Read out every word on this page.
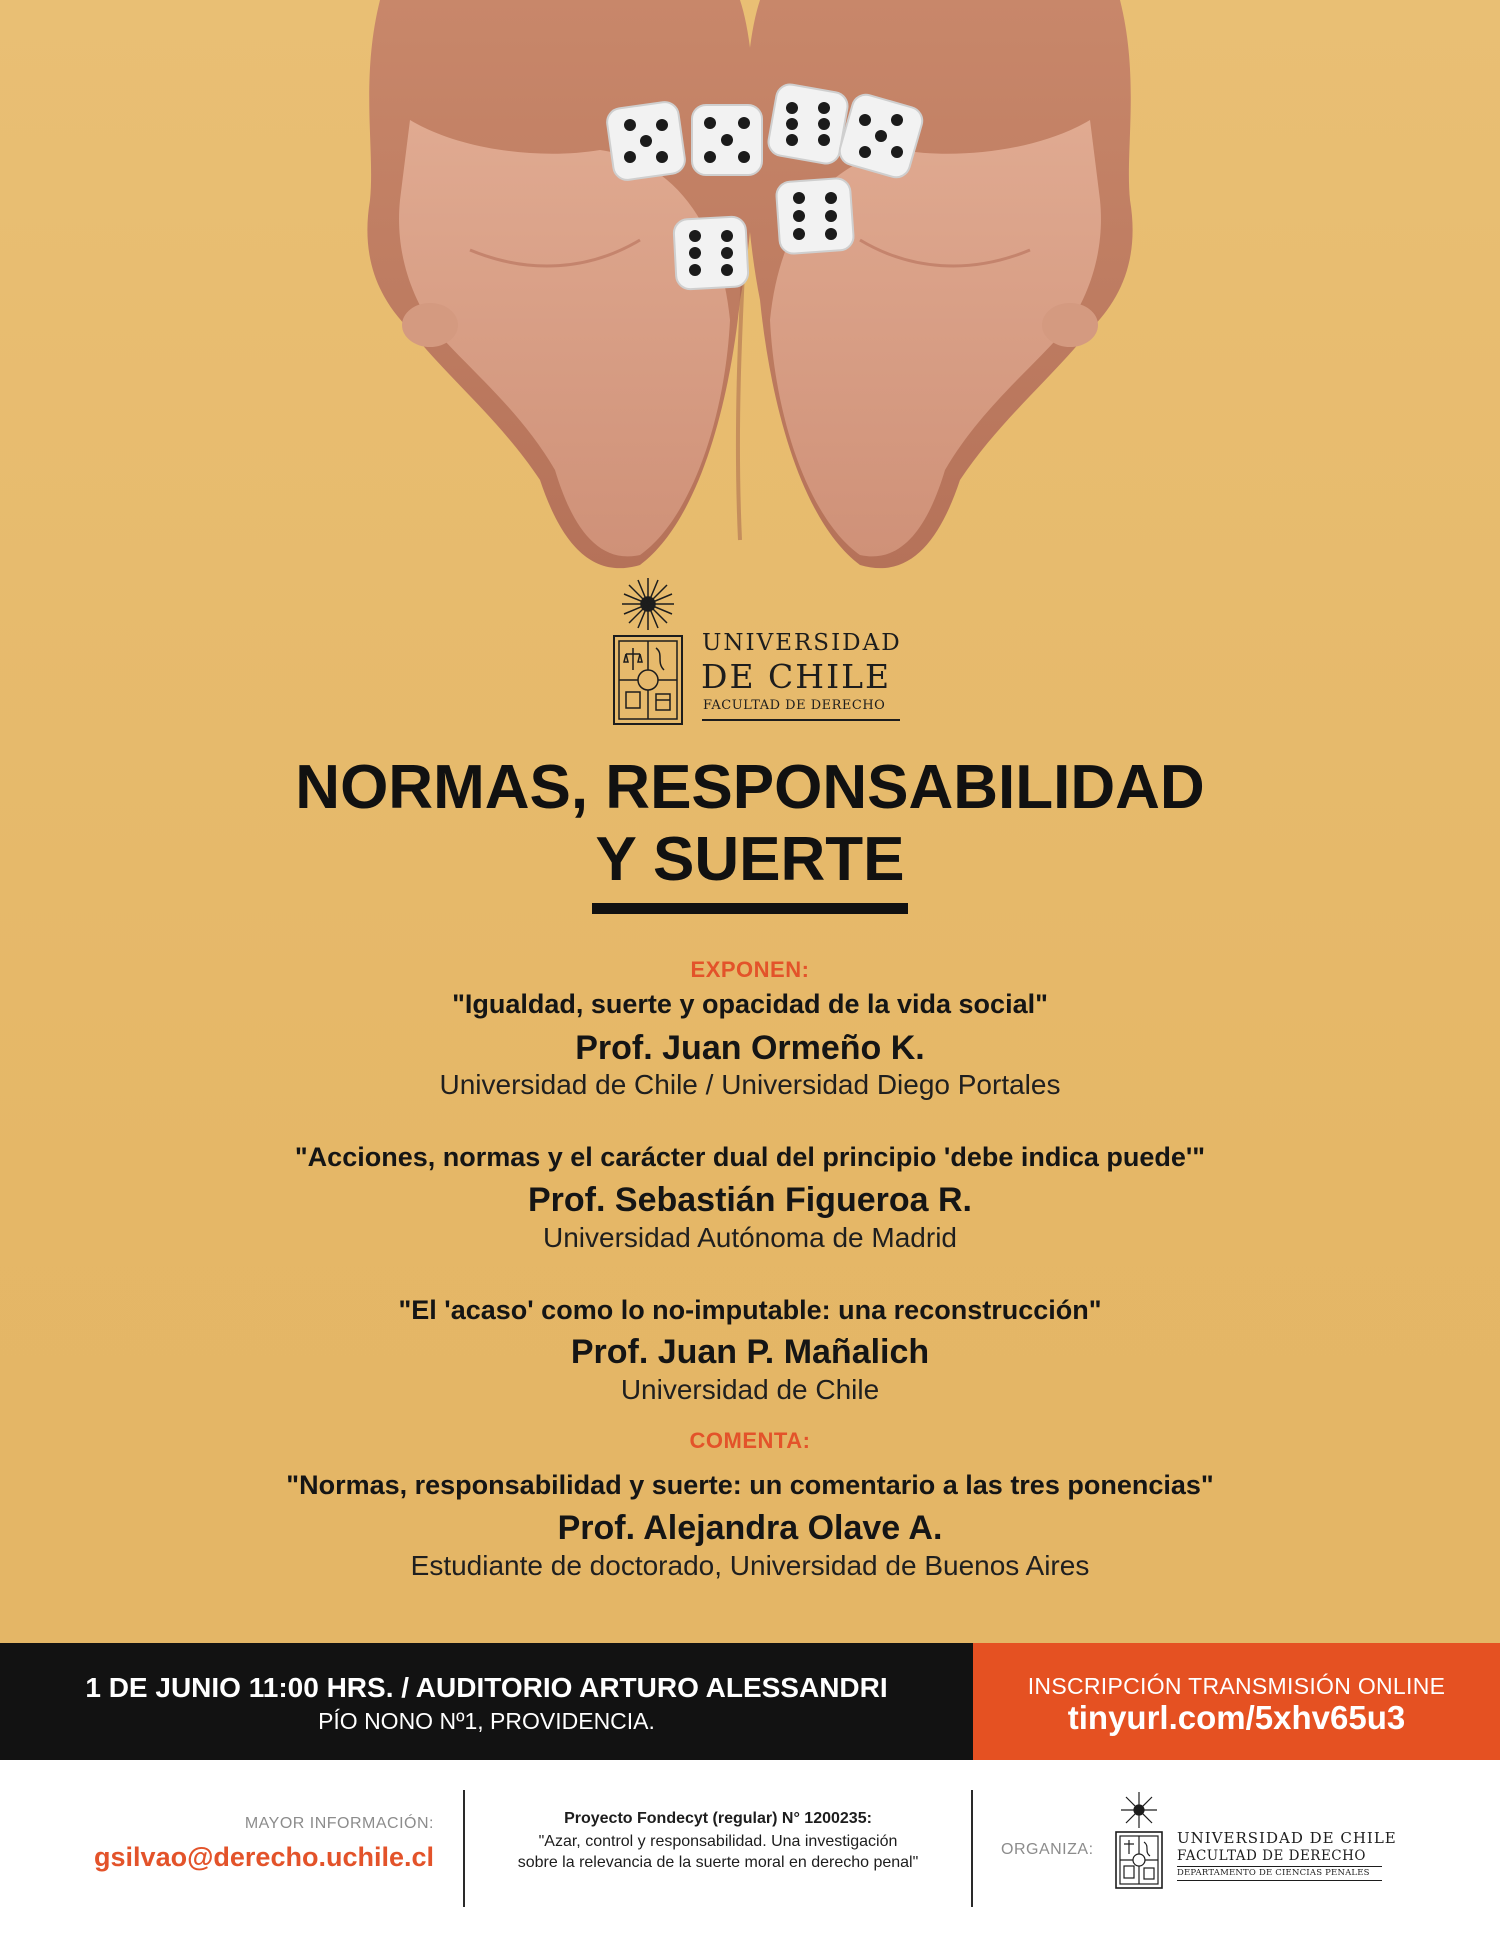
UNIVERSIDAD
DE CHILE
FACULTAD DE DERECHO
NORMAS, RESPONSABILIDAD
Y SUERTE
EXPONEN:
"Igualdad, suerte y opacidad de la vida social"
Prof. Juan Ormeño K.
Universidad de Chile / Universidad Diego Portales
"Acciones, normas y el carácter dual del principio 'debe indica puede'"
Prof. Sebastián Figueroa R.
Universidad Autónoma de Madrid
"El 'acaso' como lo no-imputable: una reconstrucción"
Prof. Juan P. Mañalich
Universidad de Chile
COMENTA:
"Normas, responsabilidad y suerte: un comentario a las tres ponencias"
Prof. Alejandra Olave A.
Estudiante de doctorado, Universidad de Buenos Aires
1 DE JUNIO 11:00 HRS. / AUDITORIO ARTURO ALESSANDRI
PÍO NONO Nº1, PROVIDENCIA.
INSCRIPCIÓN TRANSMISIÓN ONLINE
tinyurl.com/5xhv65u3
MAYOR INFORMACIÓN:
gsilvao@derecho.uchile.cl
Proyecto Fondecyt (regular) N° 1200235:
"Azar, control y responsabilidad. Una investigación
sobre la relevancia de la suerte moral en derecho penal"
ORGANIZA:
UNIVERSIDAD DE CHILE
FACULTAD DE DERECHO
DEPARTAMENTO DE CIENCIAS PENALES
